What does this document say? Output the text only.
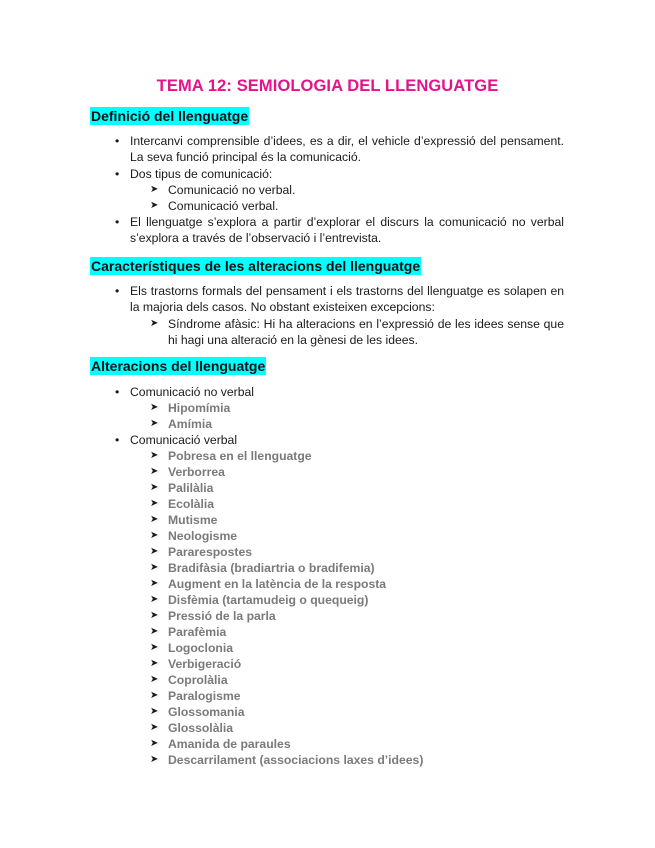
TEMA 12: SEMIOLOGIA DEL LLENGUATGE
Definició del llenguatge
• Intercanvi comprensible d’idees, es a dir, el vehicle d’expressió del pensament. La seva funció principal és la comunicació.
• Dos tipus de comunicació:
➤ Comunicació no verbal.
➤ Comunicació verbal.
• El llenguatge s’explora a partir d’explorar el discurs la comunicació no verbal s’explora a través de l’observació i l’entrevista.
Característiques de les alteracions del llenguatge
• Els trastorns formals del pensament i els trastorns del llenguatge es solapen en la majoria dels casos. No obstant existeixen excepcions:
➤ Síndrome afàsic: Hi ha alteracions en l’expressió de les idees sense que hi hagi una alteració en la gènesi de les idees.
Alteracions del llenguatge
• Comunicació no verbal
➤ Hipomímia
➤ Amímia
• Comunicació verbal
➤ Pobresa en el llenguatge
➤ Verborrea
➤ Palilàlia
➤ Ecolàlia
➤ Mutisme
➤ Neologisme
➤ Pararespostes
➤ Bradifàsia (bradiartria o bradifemia)
➤ Augment en la latència de la resposta
➤ Disfèmia (tartamudeig o quequeig)
➤ Pressió de la parla
➤ Parafèmia
➤ Logoclonia
➤ Verbigeració
➤ Coprolàlia
➤ Paralogisme
➤ Glossomania
➤ Glossolàlia
➤ Amanida de paraules
➤ Descarrilament (associacions laxes d’idees)
